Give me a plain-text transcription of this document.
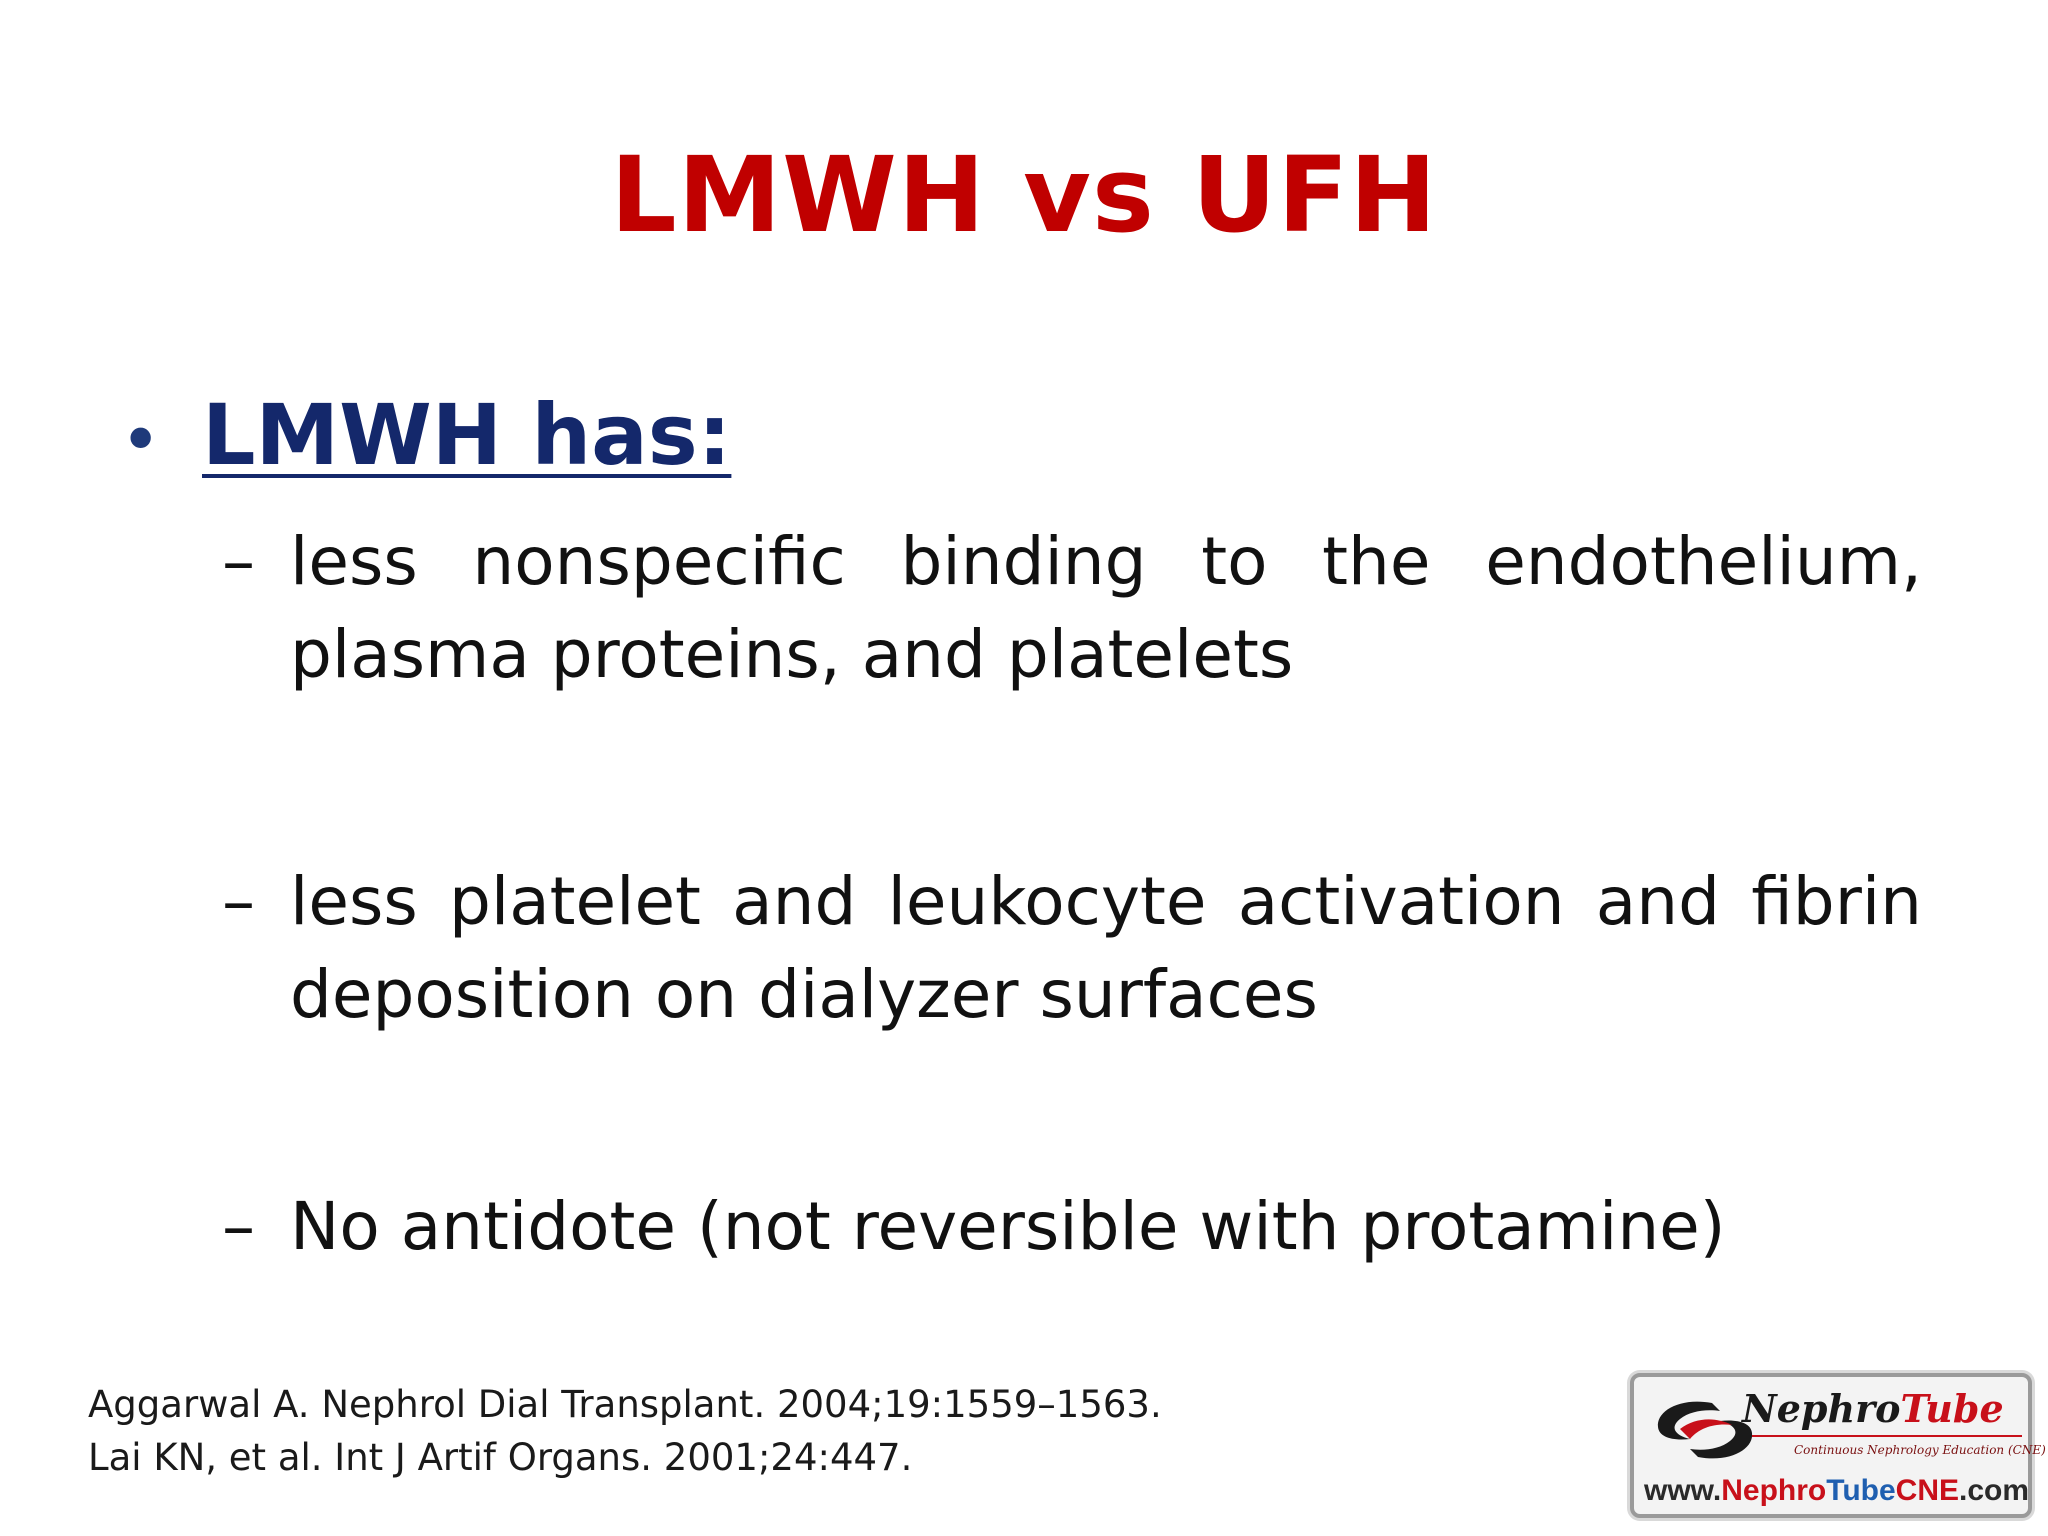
LMWH vs UFH
• LMWH has:
– less nonspecific binding to the endothelium, plasma proteins, and platelets
– less platelet and leukocyte activation and fibrin deposition on dialyzer surfaces
– No antidote (not reversible with protamine)
Aggarwal A. Nephrol Dial Transplant. 2004;19:1559–1563.
Lai KN, et al. Int J Artif Organs. 2001;24:447.
NephroTube
Continuous Nephrology Education (CNE)
www.NephroTubeCNE.com
